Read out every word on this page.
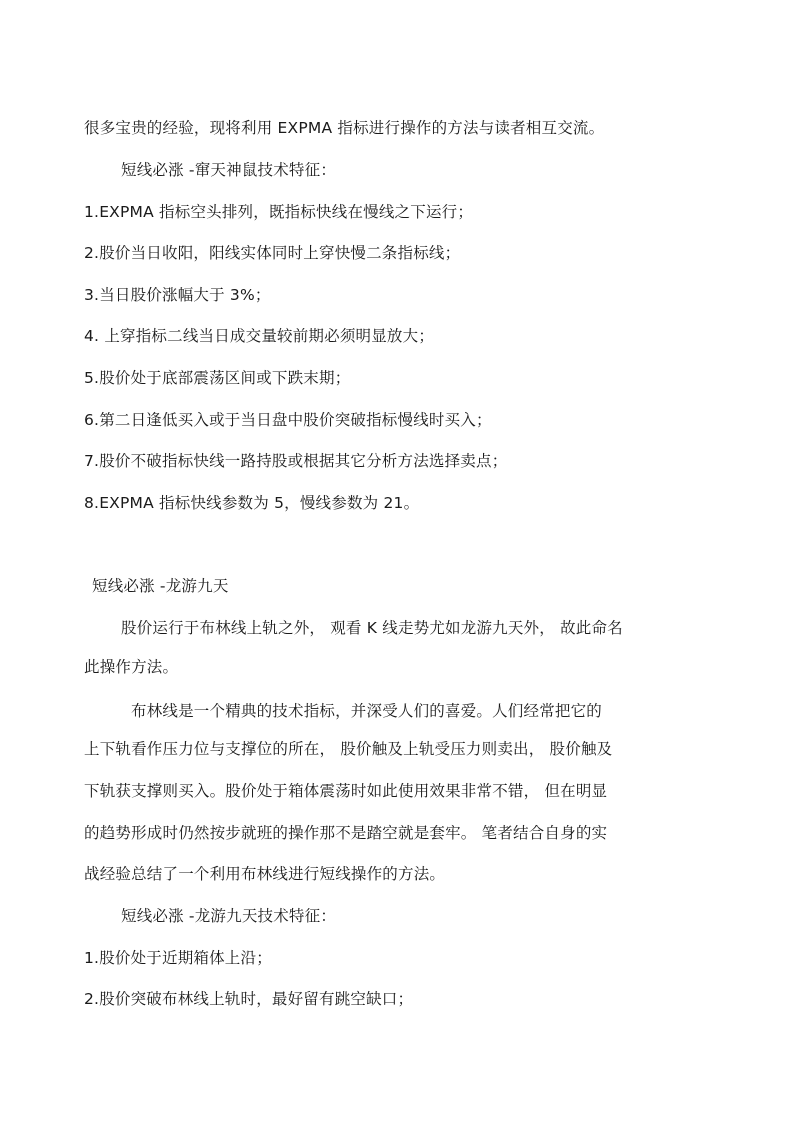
很多宝贵的经验，现将利用 EXPMA 指标进行操作的方法与读者相互交流。
短线必涨 -窜天神鼠技术特征：
1.EXPMA 指标空头排列，既指标快线在慢线之下运行；
2.股价当日收阳，阳线实体同时上穿快慢二条指标线；
3.当日股价涨幅大于 3%；
4. 上穿指标二线当日成交量较前期必须明显放大；
5.股价处于底部震荡区间或下跌末期；
6.第二日逢低买入或于当日盘中股价突破指标慢线时买入；
7.股价不破指标快线一路持股或根据其它分析方法选择卖点；
8.EXPMA 指标快线参数为 5，慢线参数为 21。
短线必涨 -龙游九天
股价运行于布林线上轨之外， 观看 K 线走势尤如龙游九天外， 故此命名
此操作方法。
布林线是一个精典的技术指标，并深受人们的喜爱。人们经常把它的
上下轨看作压力位与支撑位的所在， 股价触及上轨受压力则卖出， 股价触及
下轨获支撑则买入。股价处于箱体震荡时如此使用效果非常不错， 但在明显
的趋势形成时仍然按步就班的操作那不是踏空就是套牢。 笔者结合自身的实
战经验总结了一个利用布林线进行短线操作的方法。
短线必涨 -龙游九天技术特征：
1.股价处于近期箱体上沿；
2.股价突破布林线上轨时，最好留有跳空缺口；
